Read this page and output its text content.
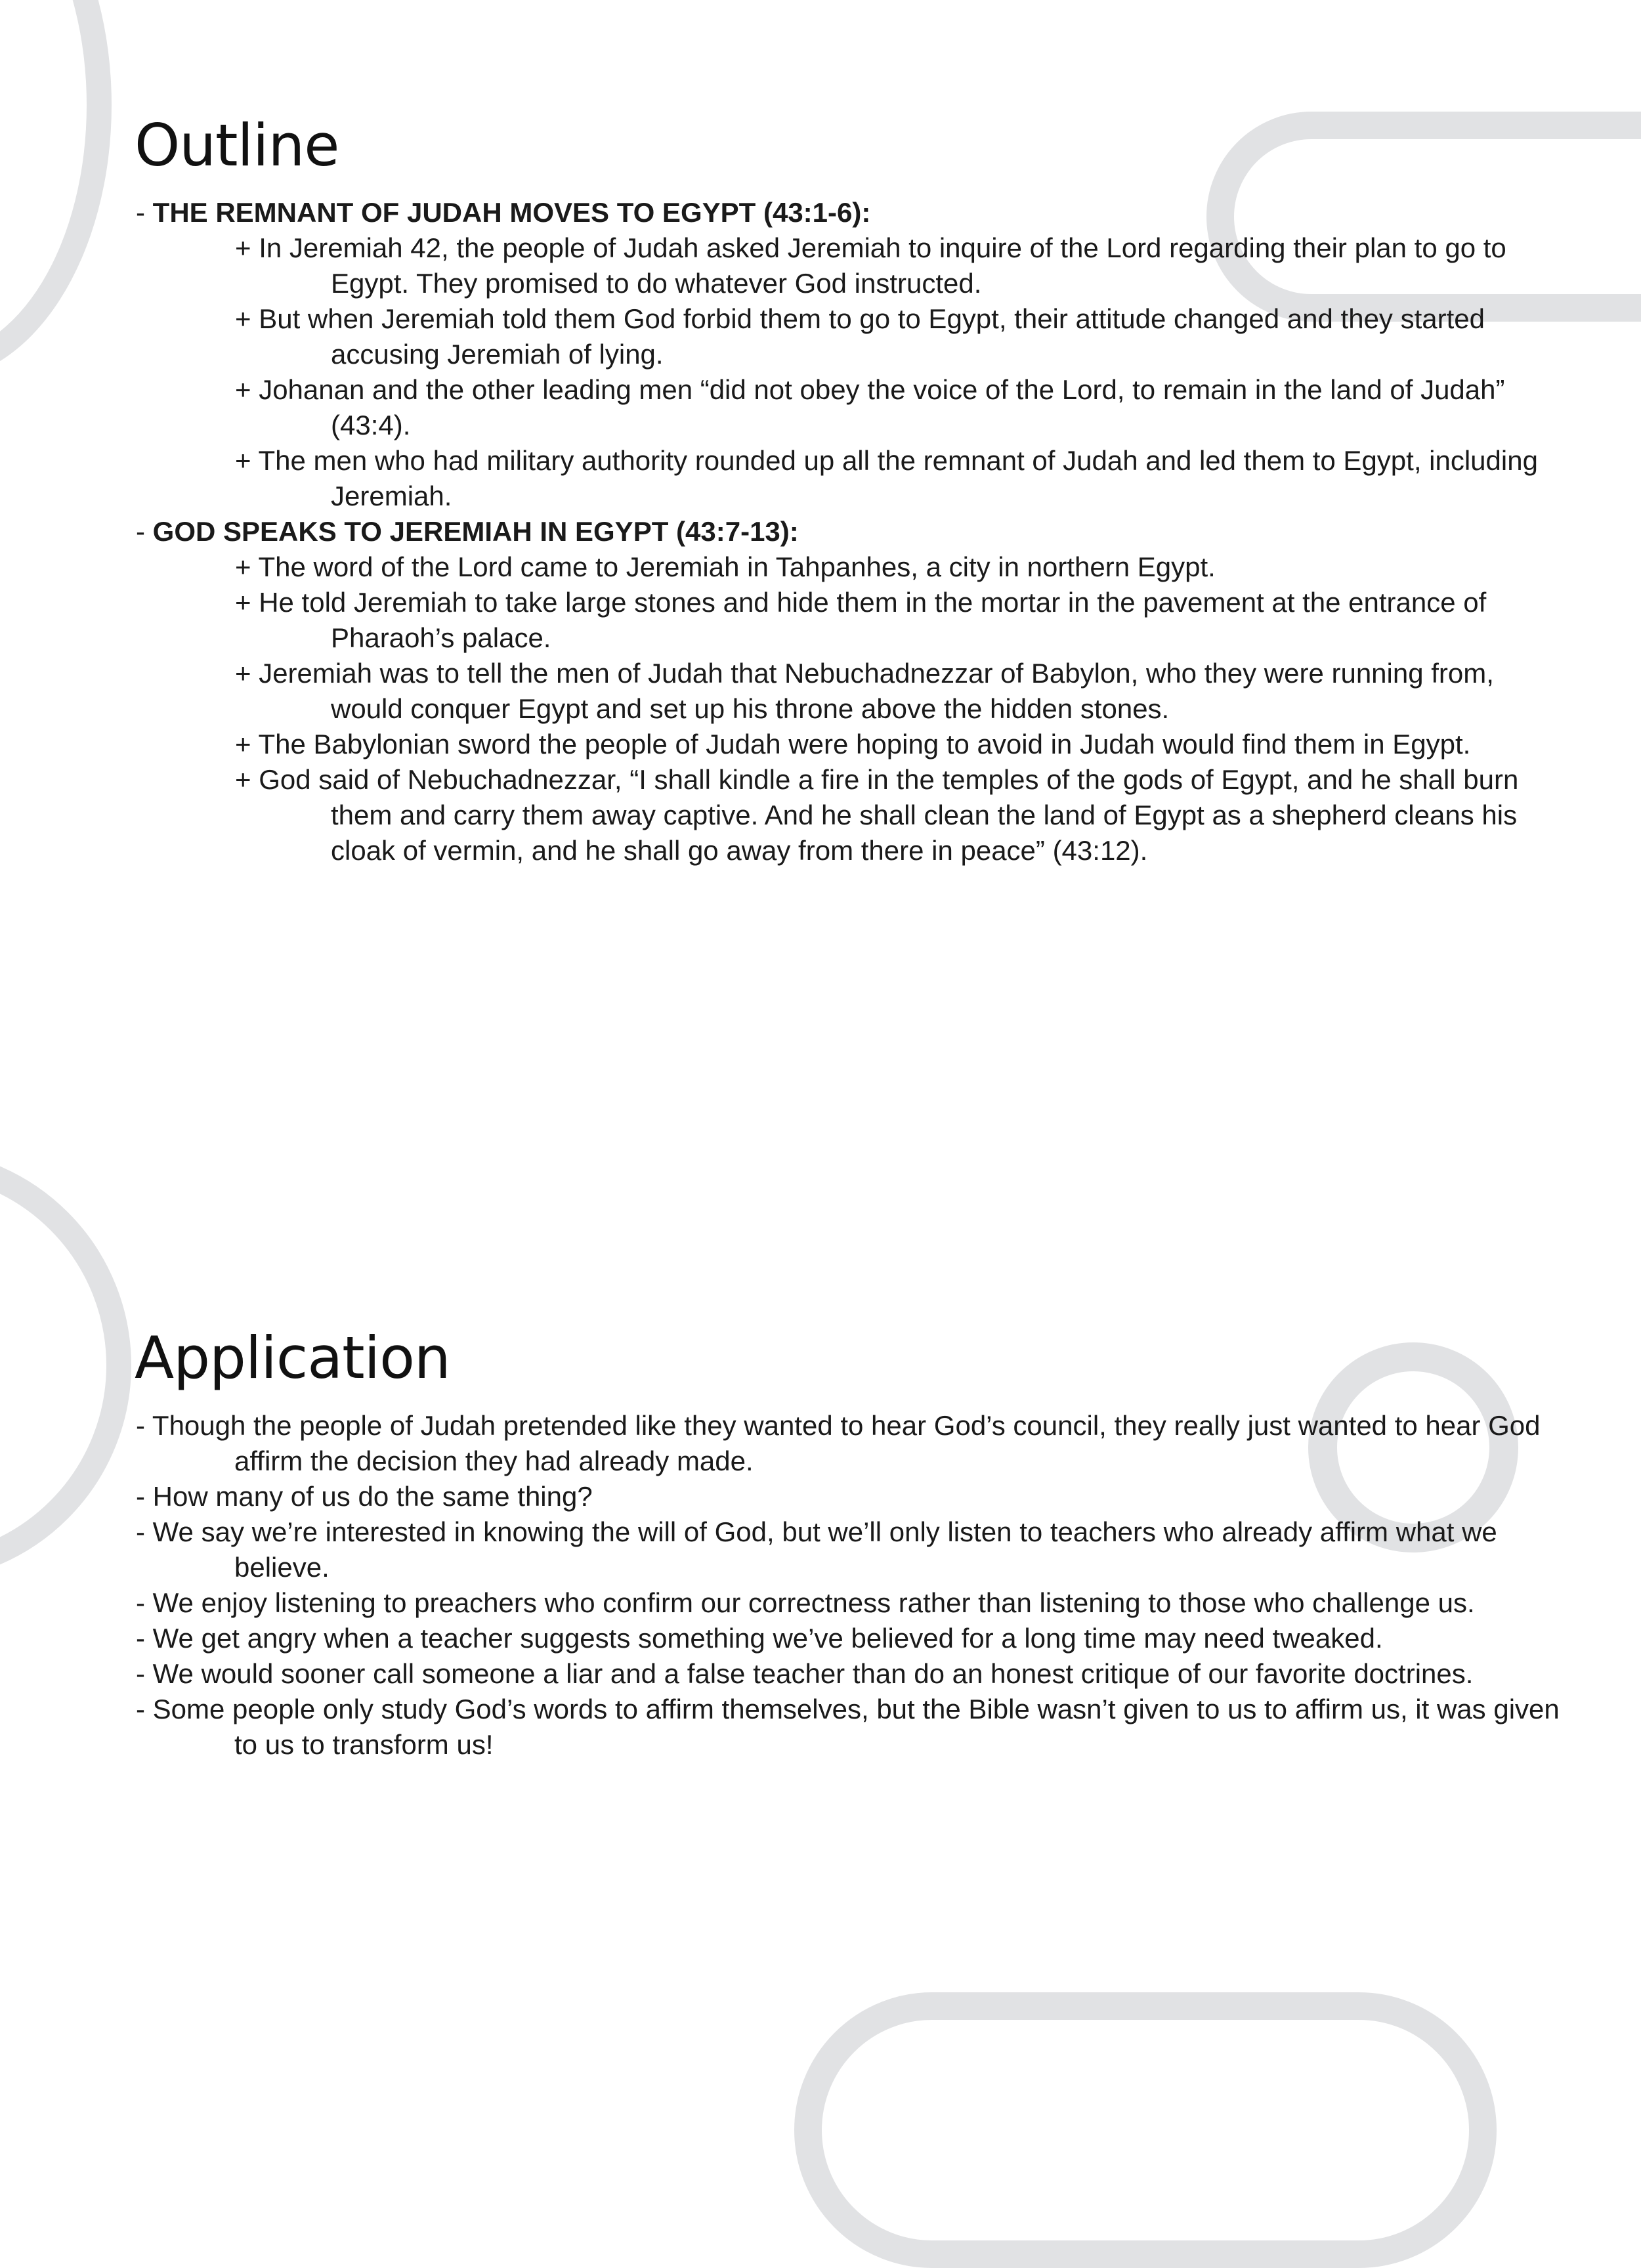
Outline

- THE REMNANT OF JUDAH MOVES TO EGYPT (43:1-6):

+ In Jeremiah 42, the people of Judah asked Jeremiah to inquire of the Lord regarding their plan to go to Egypt. They promised to do whatever God instructed.

+ But when Jeremiah told them God forbid them to go to Egypt, their attitude changed and they started accusing Jeremiah of lying.

+ Johanan and the other leading men “did not obey the voice of the Lord, to remain in the land of Judah” (43:4).

+ The men who had military authority rounded up all the remnant of Judah and led them to Egypt, including Jeremiah.

- GOD SPEAKS TO JEREMIAH IN EGYPT (43:7-13):

+ The word of the Lord came to Jeremiah in Tahpanhes, a city in northern Egypt.

+ He told Jeremiah to take large stones and hide them in the mortar in the pavement at the entrance of Pharaoh’s palace.

+ Jeremiah was to tell the men of Judah that Nebuchadnezzar of Babylon, who they were running from, would conquer Egypt and set up his throne above the hidden stones.

+ The Babylonian sword the people of Judah were hoping to avoid in Judah would find them in Egypt.

+ God said of Nebuchadnezzar, “I shall kindle a fire in the temples of the gods of Egypt, and he shall burn them and carry them away captive. And he shall clean the land of Egypt as a shepherd cleans his cloak of vermin, and he shall go away from there in peace” (43:12).

Application

- Though the people of Judah pretended like they wanted to hear God’s council, they really just wanted to hear God affirm the decision they had already made.

- How many of us do the same thing?

- We say we’re interested in knowing the will of God, but we’ll only listen to teachers who already affirm what we believe.

- We enjoy listening to preachers who confirm our correctness rather than listening to those who challenge us.

- We get angry when a teacher suggests something we’ve believed for a long time may need tweaked.

- We would sooner call someone a liar and a false teacher than do an honest critique of our favorite doctrines.

- Some people only study God’s words to affirm themselves, but the Bible wasn’t given to us to affirm us, it was given to us to transform us!
